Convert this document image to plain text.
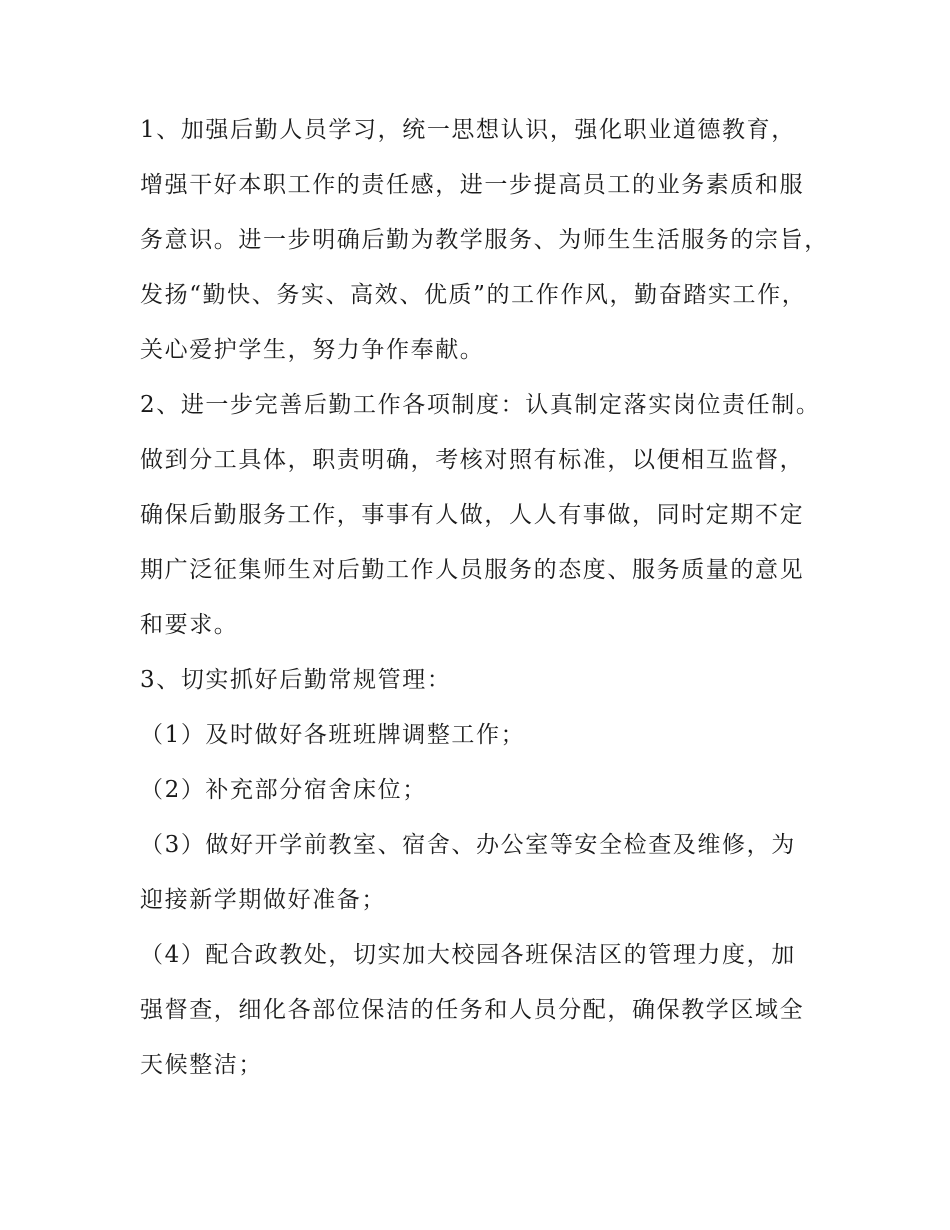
1、加强后勤人员学习，统一思想认识，强化职业道德教育，
增强干好本职工作的责任感，进一步提高员工的业务素质和服
务意识。进一步明确后勤为教学服务、为师生生活服务的宗旨，
发扬“勤快、务实、高效、优质”的工作作风，勤奋踏实工作，
关心爱护学生，努力争作奉献。
2、进一步完善后勤工作各项制度：认真制定落实岗位责任制。
做到分工具体，职责明确，考核对照有标准，以便相互监督，
确保后勤服务工作，事事有人做，人人有事做，同时定期不定
期广泛征集师生对后勤工作人员服务的态度、服务质量的意见
和要求。
3、切实抓好后勤常规管理：
（1）及时做好各班班牌调整工作；
（2）补充部分宿舍床位；
（3）做好开学前教室、宿舍、办公室等安全检查及维修，为
迎接新学期做好准备；
（4）配合政教处，切实加大校园各班保洁区的管理力度，加
强督查，细化各部位保洁的任务和人员分配，确保教学区域全
天候整洁；
